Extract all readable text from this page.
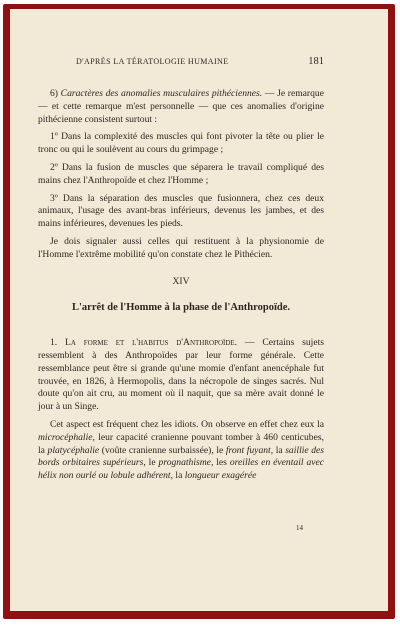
D'APRÈS LA TÉRATOLOGIE HUMAINE	181

6) Caractères des anomalies musculaires pithéciennes. — Je remarque — et cette remarque m'est personnelle — que ces anomalies d'origine pithécienne consistent surtout :

1º Dans la complexité des muscles qui font pivoter la tête ou plier le tronc ou qui le soulèvent au cours du grimpage ;

2º Dans la fusion de muscles que séparera le travail compliqué des mains chez l'Anthropoïde et chez l'Homme ;

3º Dans la séparation des muscles que fusionnera, chez ces deux animaux, l'usage des avant-bras inférieurs, devenus les jambes, et des mains inférieures, devenues les pieds.

Je dois signaler aussi celles qui restituent à la physionomie de l'Homme l'extrême mobilité qu'on constate chez le Pithécien.

XIV
L'arrêt de l'Homme à la phase de l'Anthropoïde.

1. La forme et l'habitus d'Anthropoïde. — Certains sujets ressemblent à des Anthropoïdes par leur forme générale. Cette ressemblance peut être si grande qu'une momie d'enfant anencéphale fut trouvée, en 1826, à Hermopolis, dans la nécropole de singes sacrés. Nul doute qu'on ait cru, au moment où il naquit, que sa mère avait donné le jour à un Singe.

Cet aspect est fréquent chez les idiots. On observe en effet chez eux la microcéphalie, leur capacité cranienne pouvant tomber à 460 centicubes, la platycéphalie (voûte cranienne surbaissée), le front fuyant, la saillie des bords orbitaires supérieurs, le prognathisme, les oreilles en éventail avec hélix non ourlé ou lobule adhérent, la longueur exagérée

14
